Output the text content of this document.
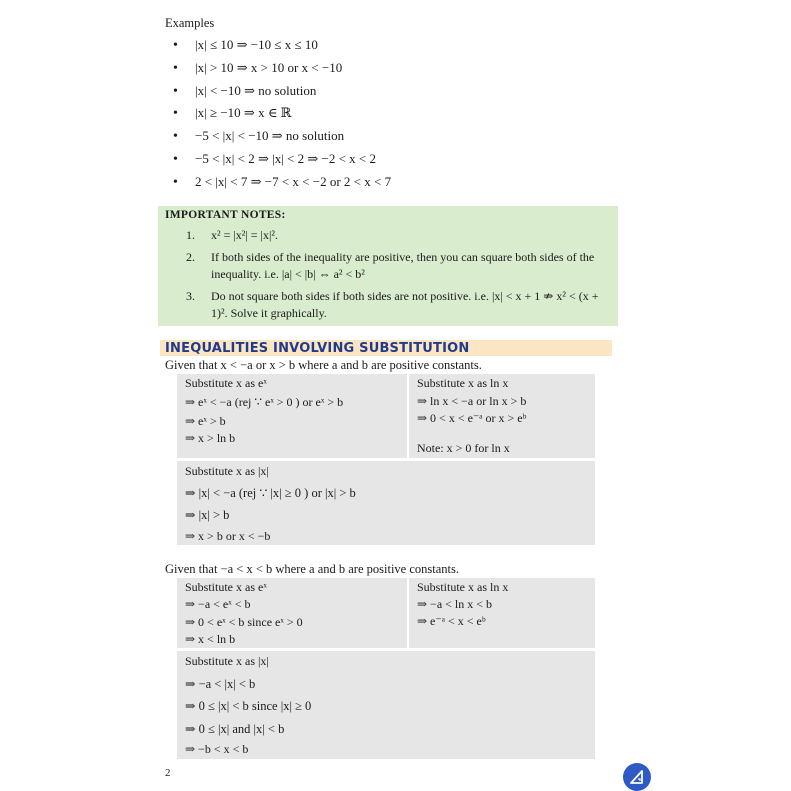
Examples
• |x| ≤ 10 ⇒ −10 ≤ x ≤ 10
• |x| > 10 ⇒ x > 10 or x < −10
• |x| < −10 ⇒ no solution
• |x| ≥ −10 ⇒ x ∈ ℝ
• −5 < |x| < −10 ⇒ no solution
• −5 < |x| < 2 ⇒ |x| < 2 ⇒ −2 < x < 2
• 2 < |x| < 7 ⇒ −7 < x < −2 or 2 < x < 7
IMPORTANT NOTES:
1. x² = |x²| = |x|².
2. If both sides of the inequality are positive, then you can square both sides of the inequality. i.e. |a| < |b| ⇔ a² < b²
3. Do not square both sides if both sides are not positive. i.e. |x| < x + 1 ⇏ x² < (x + 1)². Solve it graphically.
INEQUALITIES INVOLVING SUBSTITUTION
Given that x < −a or x > b where a and b are positive constants.
Substitute x as eˣ
⇒ eˣ < −a (rej ∵ eˣ > 0 ) or eˣ > b
⇒ eˣ > b
⇒ x > ln b
Substitute x as ln x
⇒ ln x < −a or ln x > b
⇒ 0 < x < e⁻ᵃ or x > eᵇ
Note: x > 0 for ln x
Substitute x as |x|
⇒ |x| < −a (rej ∵ |x| ≥ 0 ) or |x| > b
⇒ |x| > b
⇒ x > b or x < −b
Given that −a < x < b where a and b are positive constants.
Substitute x as eˣ
⇒ −a < eˣ < b
⇒ 0 < eˣ < b since eˣ > 0
⇒ x < ln b
Substitute x as ln x
⇒ −a < ln x < b
⇒ e⁻ᵃ < x < eᵇ
Substitute x as |x|
⇒ −a < |x| < b
⇒ 0 ≤ |x| < b since |x| ≥ 0
⇒ 0 ≤ |x| and |x| < b
⇒ −b < x < b
2
